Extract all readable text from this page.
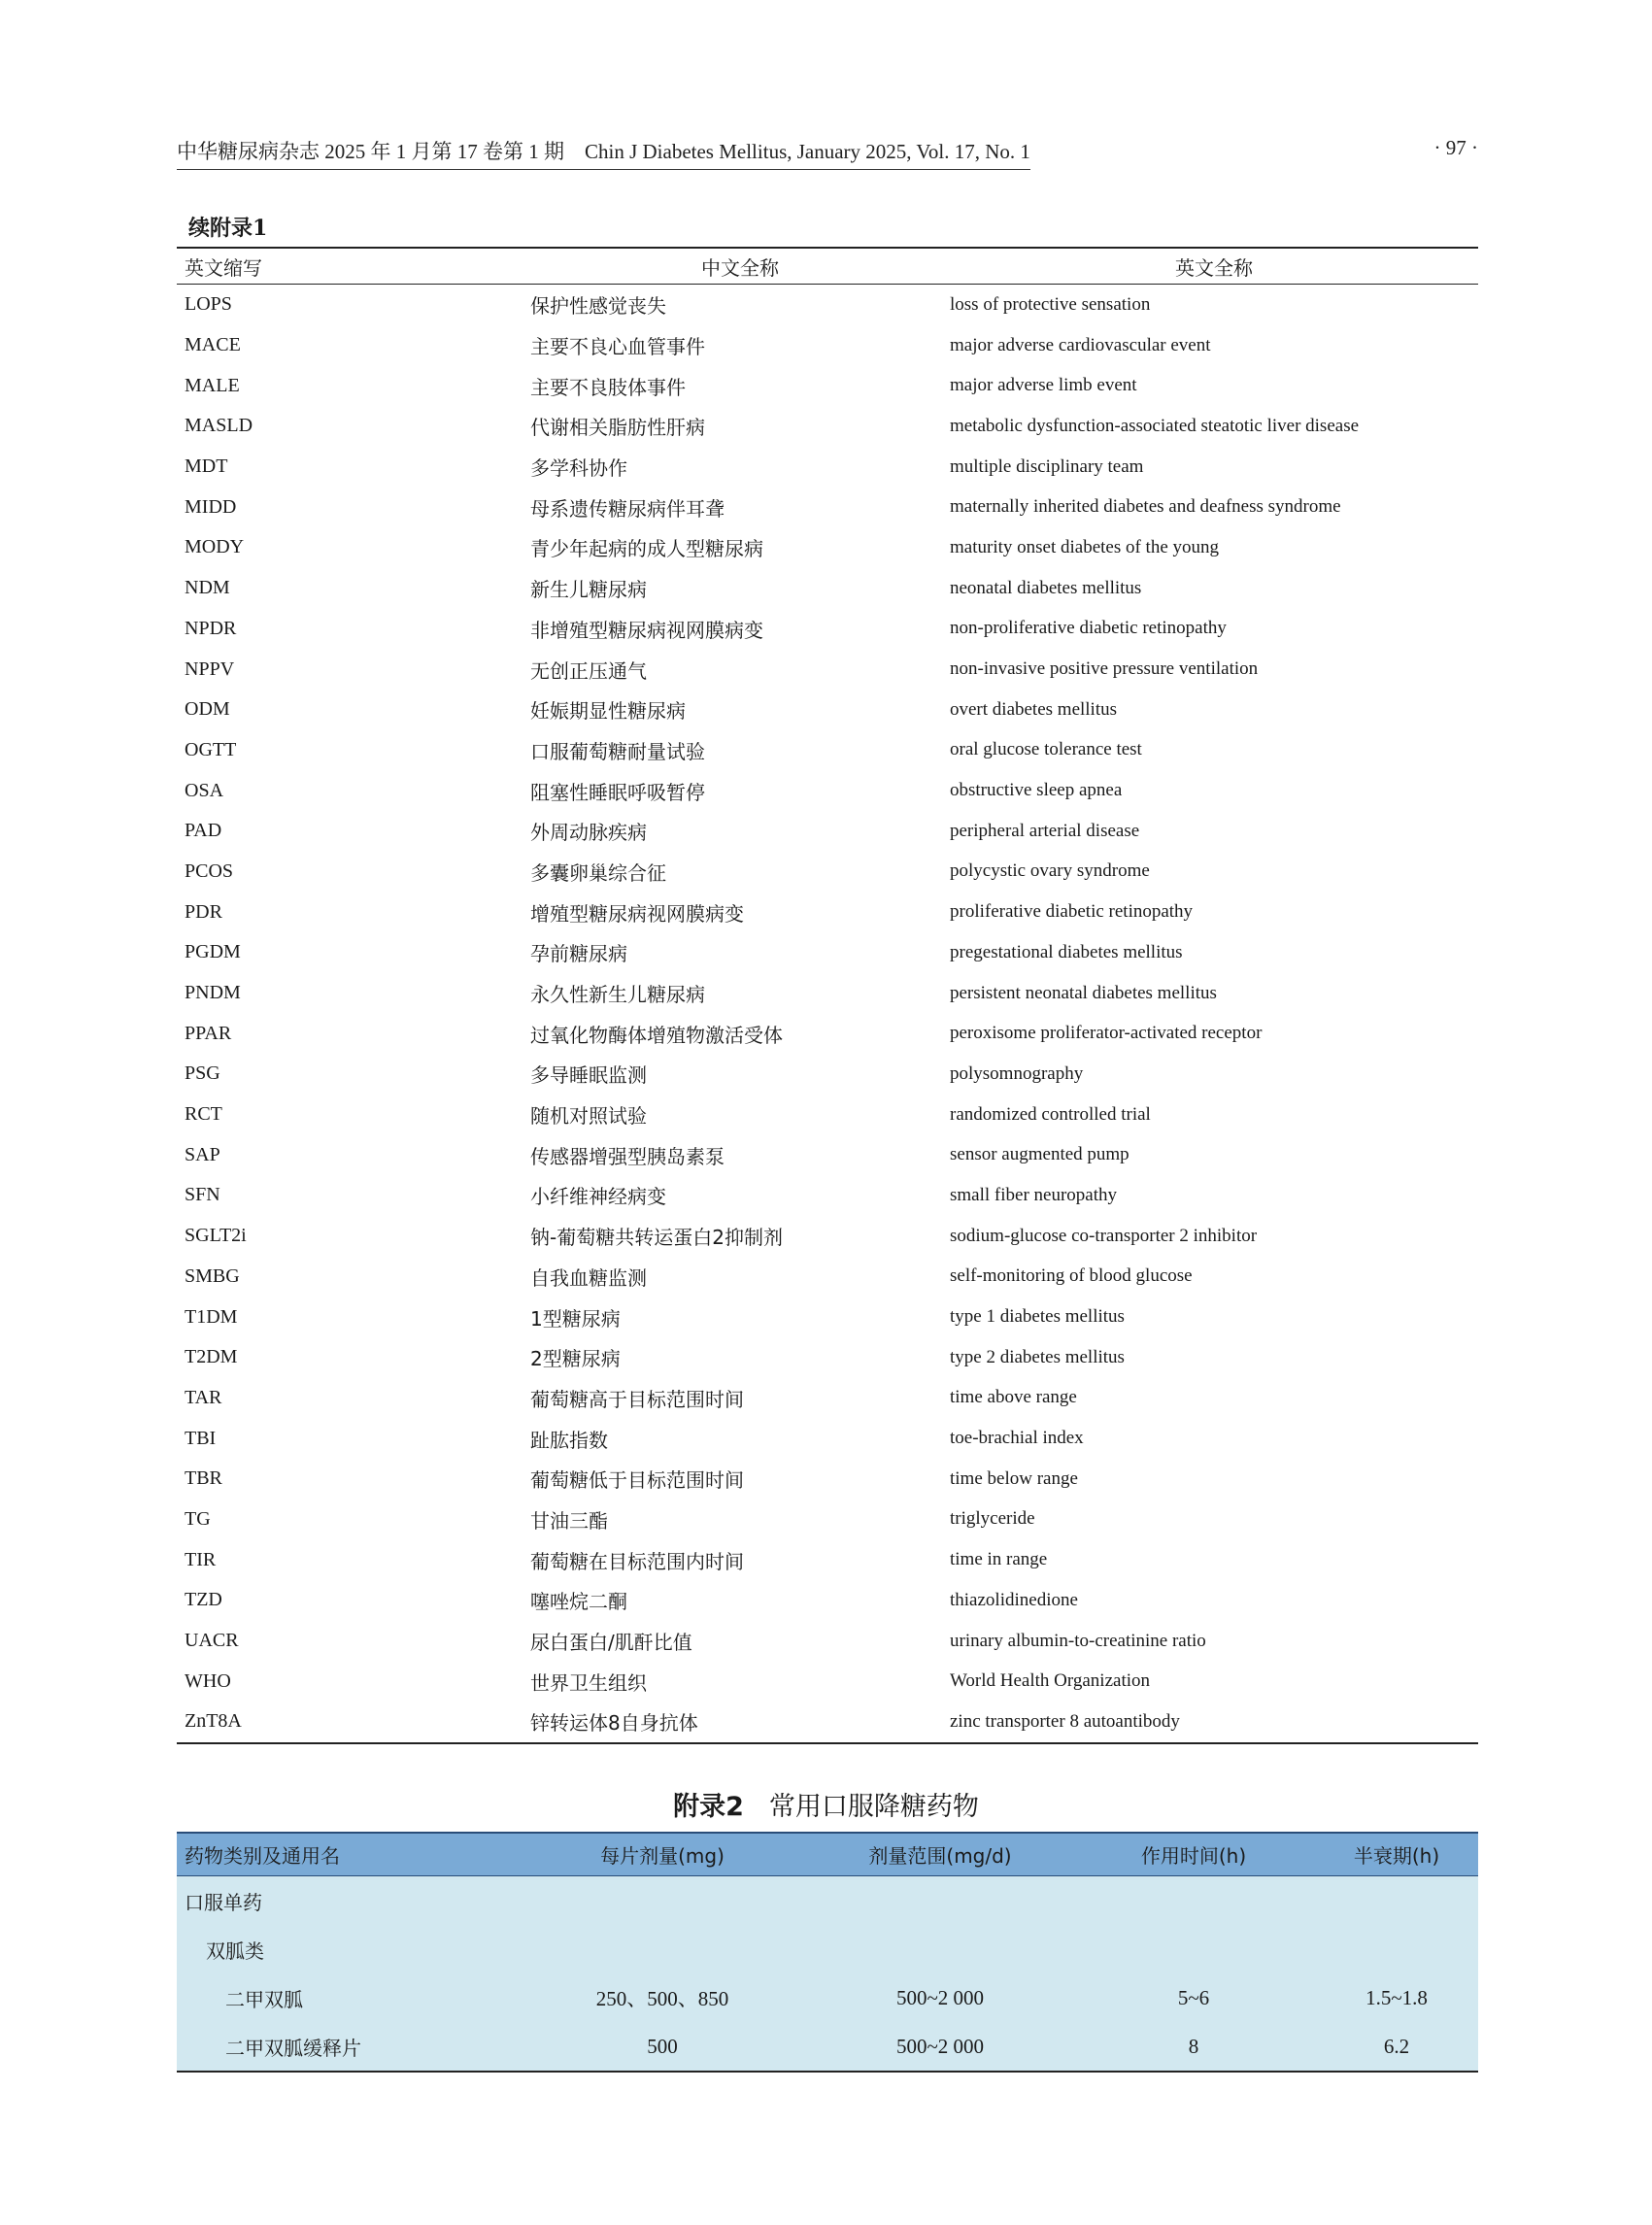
中华糖尿病杂志 2025 年 1 月第 17 卷第 1 期　Chin J Diabetes Mellitus, January 2025, Vol. 17, No. 1	· 97 ·
续附录1
英文缩写	中文全称	英文全称
LOPS	保护性感觉丧失	loss of protective sensation
MACE	主要不良心血管事件	major adverse cardiovascular event
MALE	主要不良肢体事件	major adverse limb event
MASLD	代谢相关脂肪性肝病	metabolic dysfunction-associated steatotic liver disease
MDT	多学科协作	multiple disciplinary team
MIDD	母系遗传糖尿病伴耳聋	maternally inherited diabetes and deafness syndrome
MODY	青少年起病的成人型糖尿病	maturity onset diabetes of the young
NDM	新生儿糖尿病	neonatal diabetes mellitus
NPDR	非增殖型糖尿病视网膜病变	non-proliferative diabetic retinopathy
NPPV	无创正压通气	non-invasive positive pressure ventilation
ODM	妊娠期显性糖尿病	overt diabetes mellitus
OGTT	口服葡萄糖耐量试验	oral glucose tolerance test
OSA	阻塞性睡眠呼吸暂停	obstructive sleep apnea
PAD	外周动脉疾病	peripheral arterial disease
PCOS	多囊卵巢综合征	polycystic ovary syndrome
PDR	增殖型糖尿病视网膜病变	proliferative diabetic retinopathy
PGDM	孕前糖尿病	pregestational diabetes mellitus
PNDM	永久性新生儿糖尿病	persistent neonatal diabetes mellitus
PPAR	过氧化物酶体增殖物激活受体	peroxisome proliferator-activated receptor
PSG	多导睡眠监测	polysomnography
RCT	随机对照试验	randomized controlled trial
SAP	传感器增强型胰岛素泵	sensor augmented pump
SFN	小纤维神经病变	small fiber neuropathy
SGLT2i	钠-葡萄糖共转运蛋白2抑制剂	sodium-glucose co-transporter 2 inhibitor
SMBG	自我血糖监测	self-monitoring of blood glucose
T1DM	1型糖尿病	type 1 diabetes mellitus
T2DM	2型糖尿病	type 2 diabetes mellitus
TAR	葡萄糖高于目标范围时间	time above range
TBI	趾肱指数	toe-brachial index
TBR	葡萄糖低于目标范围时间	time below range
TG	甘油三酯	triglyceride
TIR	葡萄糖在目标范围内时间	time in range
TZD	噻唑烷二酮	thiazolidinedione
UACR	尿白蛋白/肌酐比值	urinary albumin-to-creatinine ratio
WHO	世界卫生组织	World Health Organization
ZnT8A	锌转运体8自身抗体	zinc transporter 8 autoantibody
附录2 常用口服降糖药物
药物类别及通用名	每片剂量(mg)	剂量范围(mg/d)	作用时间(h)	半衰期(h)
口服单药				
双胍类				
二甲双胍	250、500、850	500~2 000	5~6	1.5~1.8
二甲双胍缓释片	500	500~2 000	8	6.2
